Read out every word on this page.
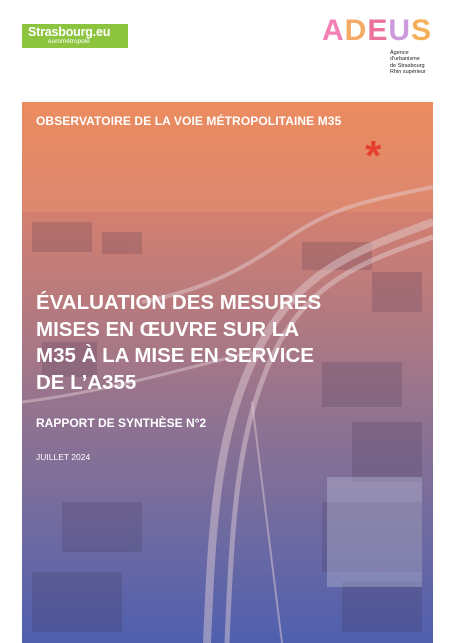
Strasbourg.eu
eurométropole	ADEUS
Agence
d'urbanisme
de Strasbourg
Rhin supérieur
OBSERVATOIRE DE LA VOIE MÉTROPOLITAINE M35
*
ÉVALUATION DES MESURES
MISES EN ŒUVRE SUR LA
M35 À LA MISE EN SERVICE
DE L’A355
RAPPORT DE SYNTHÈSE N°2
JUILLET 2024
